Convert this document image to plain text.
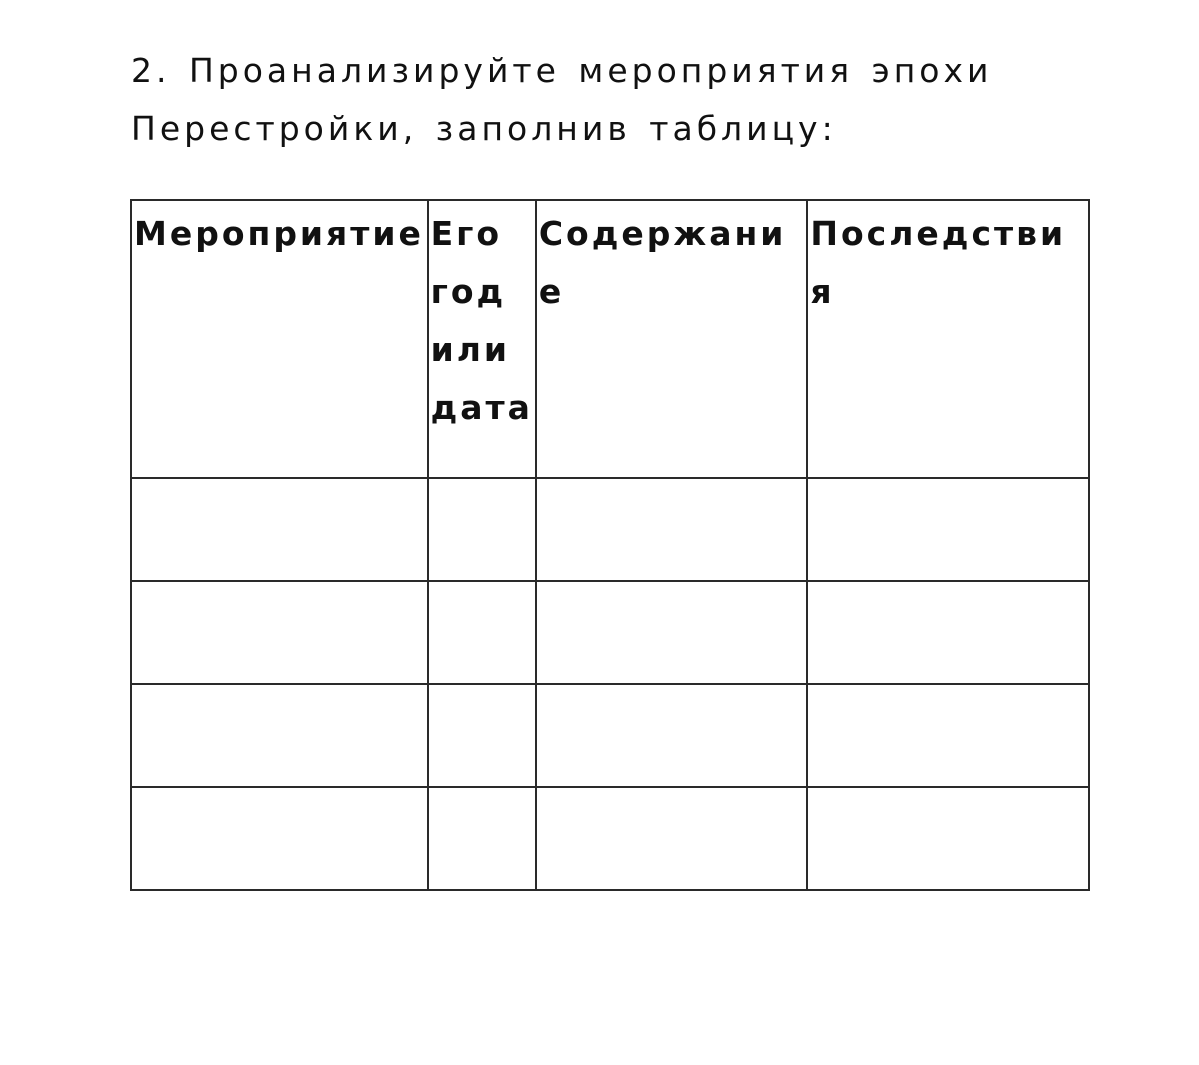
2. Проанализируйте мероприятия эпохи
Перестройки, заполнив таблицу:
Мероприятие	Его год или дата	Содержание	Последствия
